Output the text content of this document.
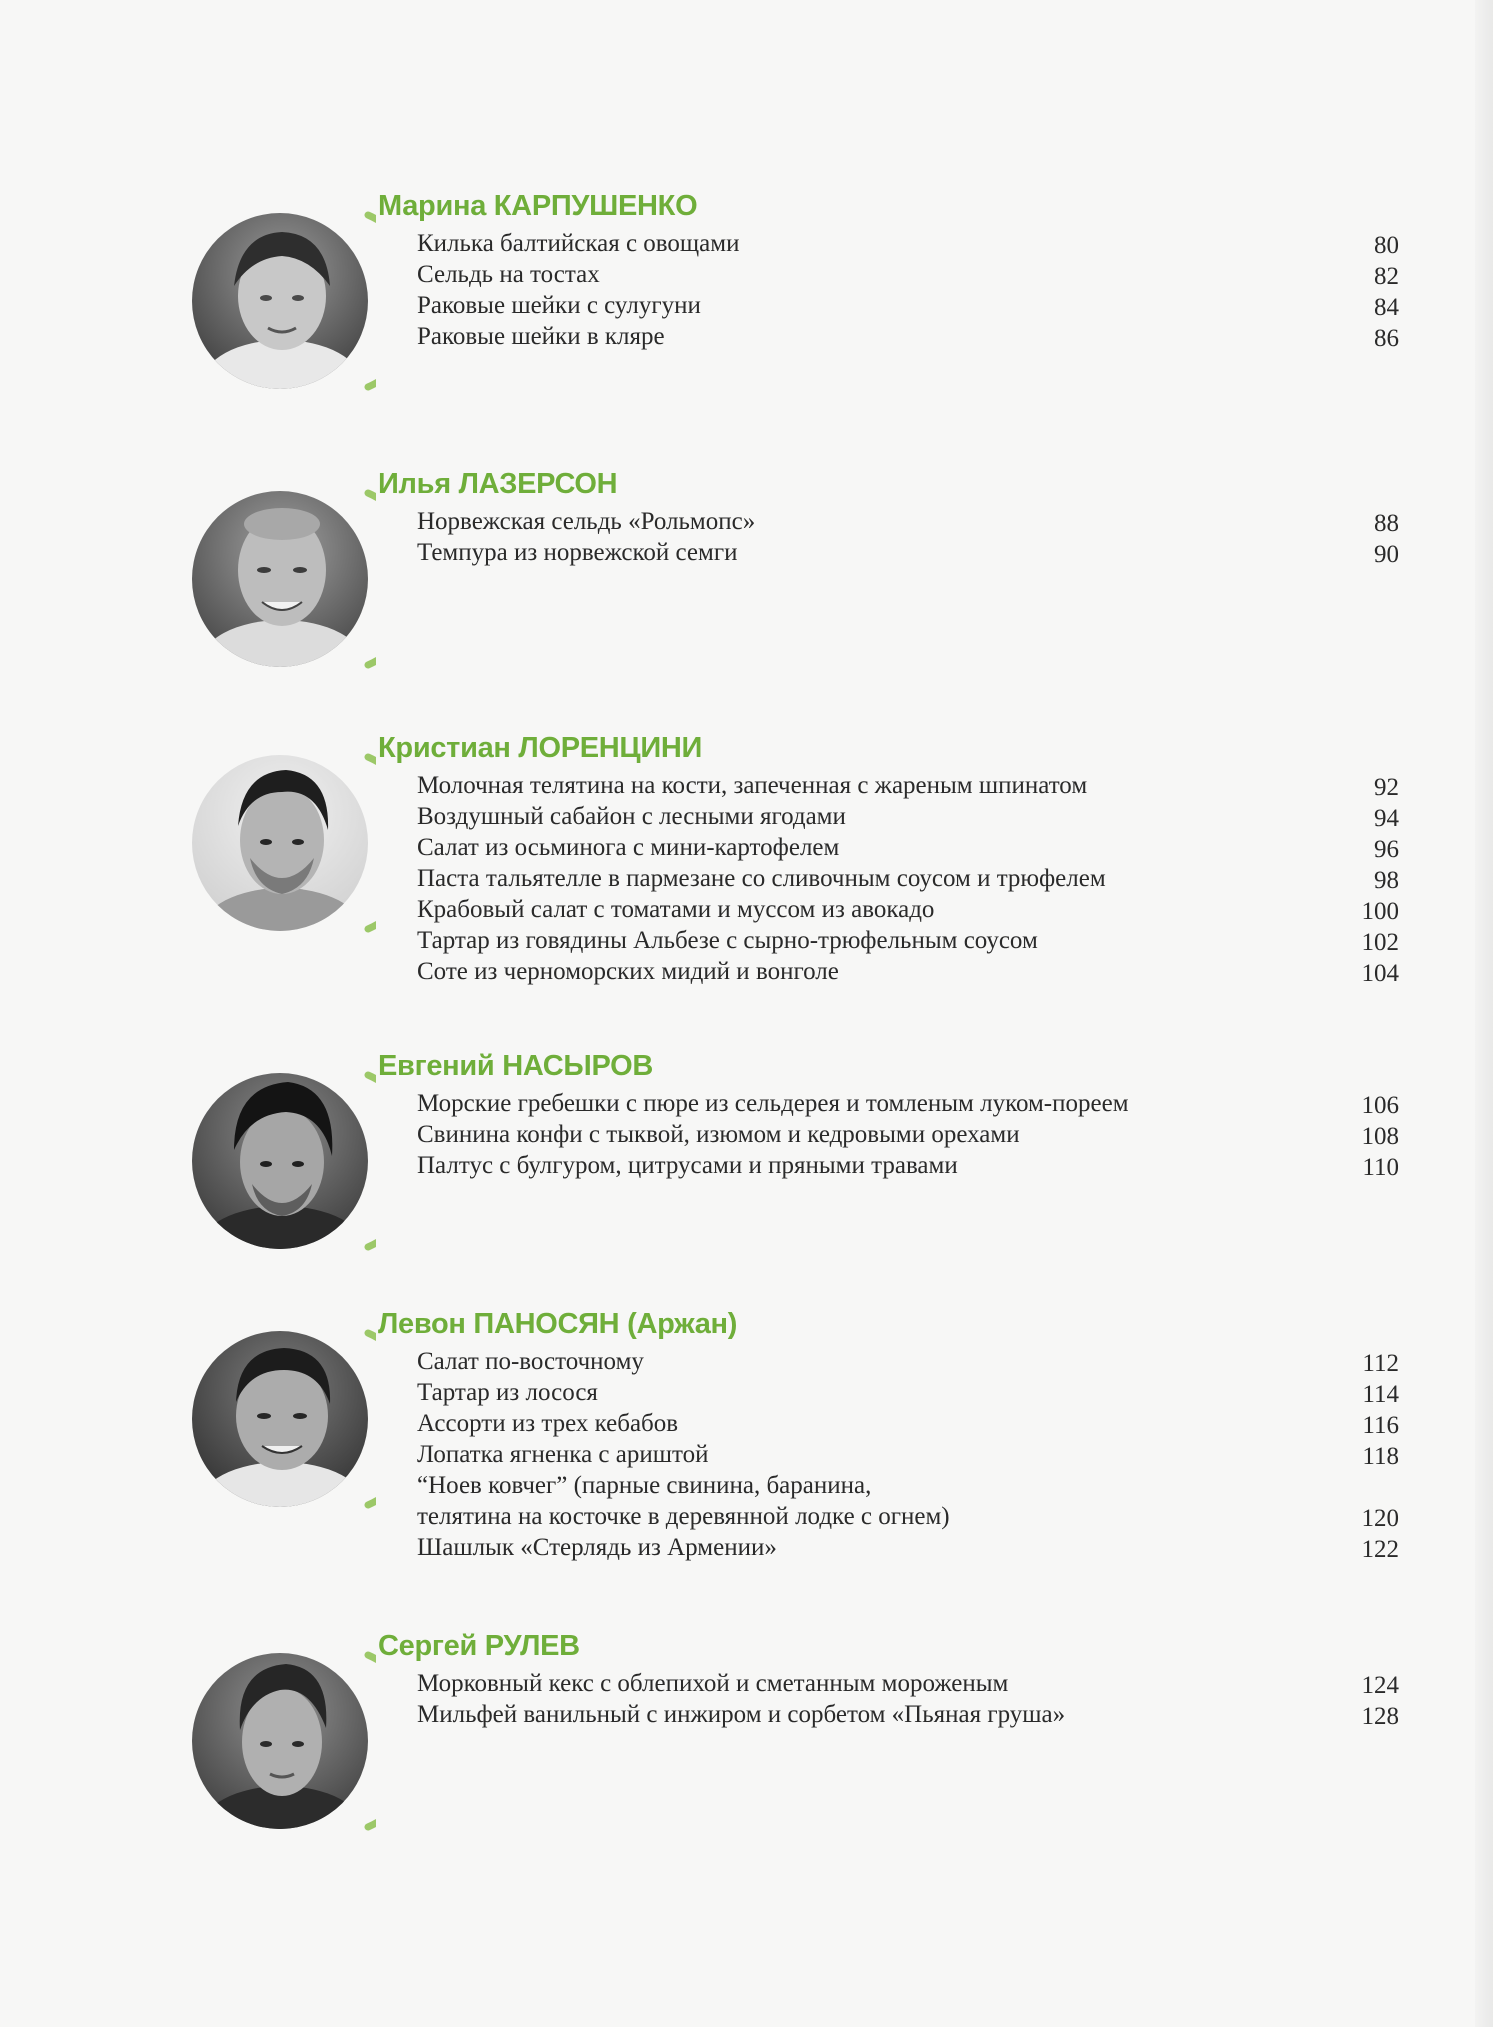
Марина КАРПУШЕНКО
Килька балтийская с овощами	80
Сельдь на тостах	82
Раковые шейки с сулугуни	84
Раковые шейки в кляре	86
Илья ЛАЗЕРСОН
Норвежская сельдь «Рольмопс»	88
Темпура из норвежской семги	90
Кристиан ЛОРЕНЦИНИ
Молочная телятина на кости, запеченная с жареным шпинатом	92
Воздушный сабайон с лесными ягодами	94
Салат из осьминога с мини-картофелем	96
Паста тальятелле в пармезане со сливочным соусом и трюфелем	98
Крабовый салат с томатами и муссом из авокадо	100
Тартар из говядины Альбезе с сырно-трюфельным соусом	102
Соте из черноморских мидий и вонголе	104
Евгений НАСЫРОВ
Морские гребешки с пюре из сельдерея и томленым луком-пореем	106
Свинина конфи с тыквой, изюмом и кедровыми орехами	108
Палтус с булгуром, цитрусами и пряными травами	110
Левон ПАНОСЯН (Аржан)
Салат по-восточному	112
Тартар из лосося	114
Ассорти из трех кебабов	116
Лопатка ягненка с ариштой	118
“Ноев ковчег” (парные свинина, баранина,
телятина на косточке в деревянной лодке с огнем)	120
Шашлык «Стерлядь из Армении»	122
Сергей РУЛЕВ
Морковный кекс с облепихой и сметанным мороженым	124
Мильфей ванильный с инжиром и сорбетом «Пьяная груша»	128
